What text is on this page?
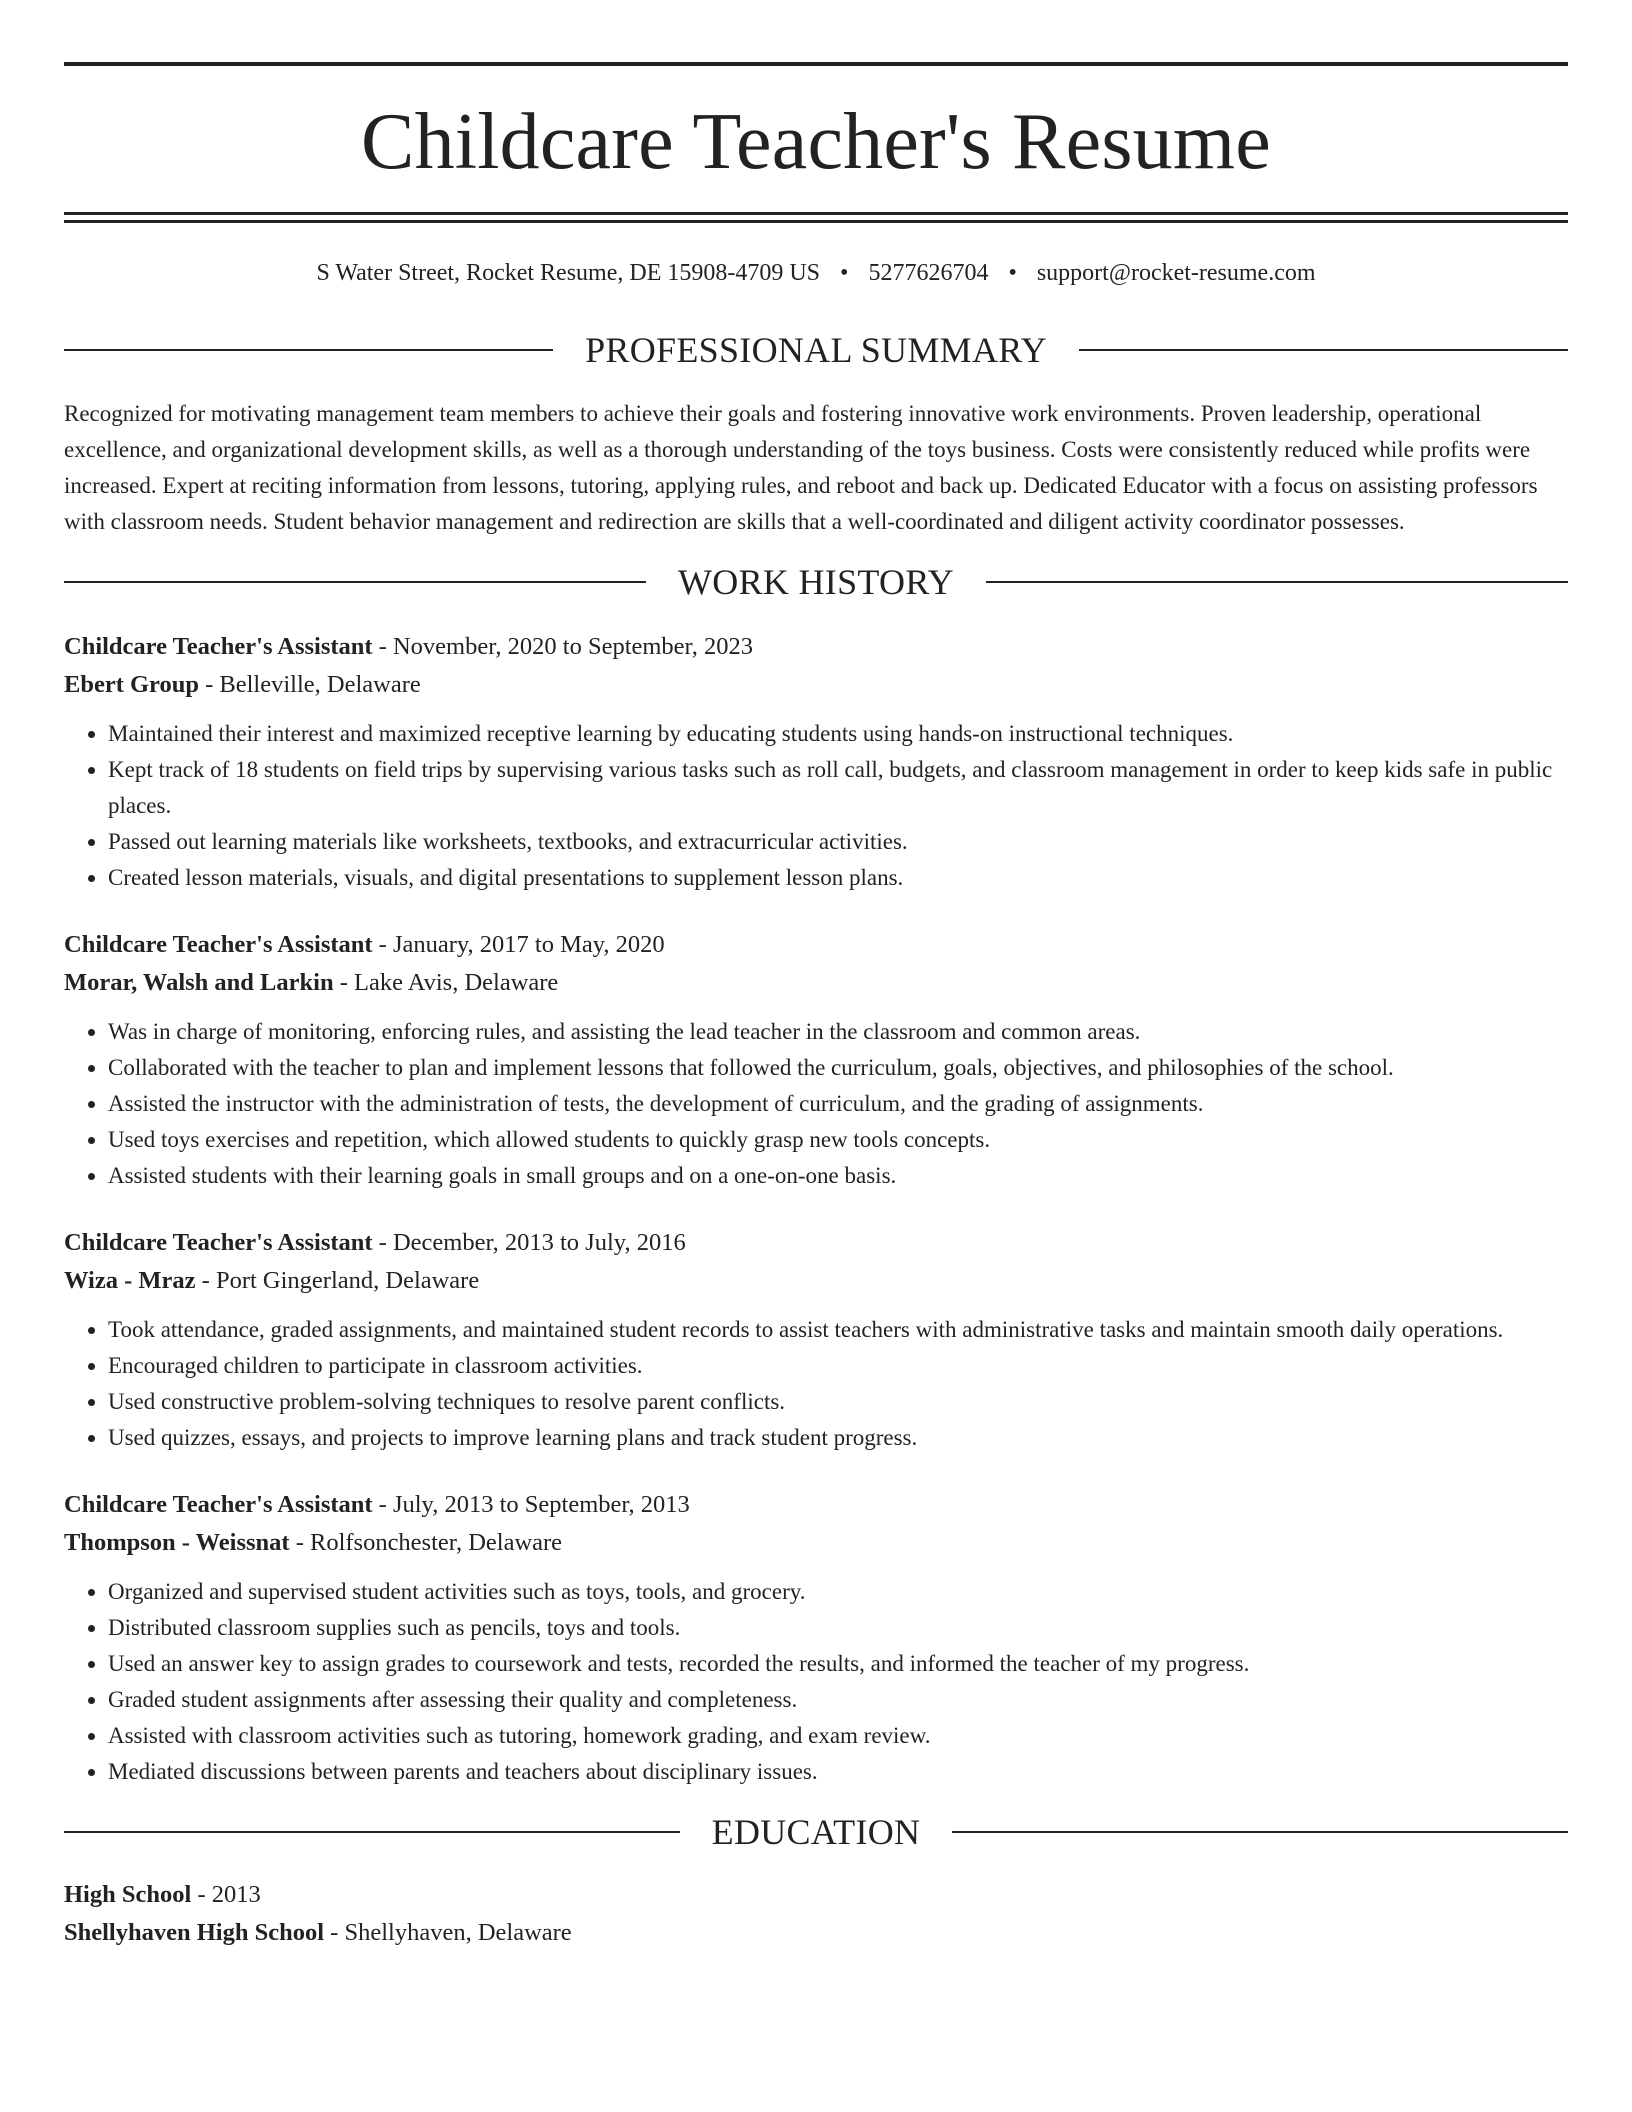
Childcare Teacher's Resume
S Water Street, Rocket Resume, DE 15908-4709 US • 5277626704 • support@rocket-resume.com
PROFESSIONAL SUMMARY

Recognized for motivating management team members to achieve their goals and fostering innovative work environments. Proven leadership, operational excellence, and organizational development skills, as well as a thorough understanding of the toys business. Costs were consistently reduced while profits were increased. Expert at reciting information from lessons, tutoring, applying rules, and reboot and back up. Dedicated Educator with a focus on assisting professors with classroom needs. Student behavior management and redirection are skills that a well-coordinated and diligent activity coordinator possesses.

WORK HISTORY
Childcare Teacher's Assistant - November, 2020 to September, 2023
Ebert Group - Belleville, Delaware
• Maintained their interest and maximized receptive learning by educating students using hands-on instructional techniques.
• Kept track of 18 students on field trips by supervising various tasks such as roll call, budgets, and classroom management in order to keep kids safe in public places.
• Passed out learning materials like worksheets, textbooks, and extracurricular activities.
• Created lesson materials, visuals, and digital presentations to supplement lesson plans.
Childcare Teacher's Assistant - January, 2017 to May, 2020
Morar, Walsh and Larkin - Lake Avis, Delaware
• Was in charge of monitoring, enforcing rules, and assisting the lead teacher in the classroom and common areas.
• Collaborated with the teacher to plan and implement lessons that followed the curriculum, goals, objectives, and philosophies of the school.
• Assisted the instructor with the administration of tests, the development of curriculum, and the grading of assignments.
• Used toys exercises and repetition, which allowed students to quickly grasp new tools concepts.
• Assisted students with their learning goals in small groups and on a one-on-one basis.
Childcare Teacher's Assistant - December, 2013 to July, 2016
Wiza - Mraz - Port Gingerland, Delaware
• Took attendance, graded assignments, and maintained student records to assist teachers with administrative tasks and maintain smooth daily operations.
• Encouraged children to participate in classroom activities.
• Used constructive problem-solving techniques to resolve parent conflicts.
• Used quizzes, essays, and projects to improve learning plans and track student progress.
Childcare Teacher's Assistant - July, 2013 to September, 2013
Thompson - Weissnat - Rolfsonchester, Delaware
• Organized and supervised student activities such as toys, tools, and grocery.
• Distributed classroom supplies such as pencils, toys and tools.
• Used an answer key to assign grades to coursework and tests, recorded the results, and informed the teacher of my progress.
• Graded student assignments after assessing their quality and completeness.
• Assisted with classroom activities such as tutoring, homework grading, and exam review.
• Mediated discussions between parents and teachers about disciplinary issues.
EDUCATION
High School - 2013
Shellyhaven High School - Shellyhaven, Delaware
